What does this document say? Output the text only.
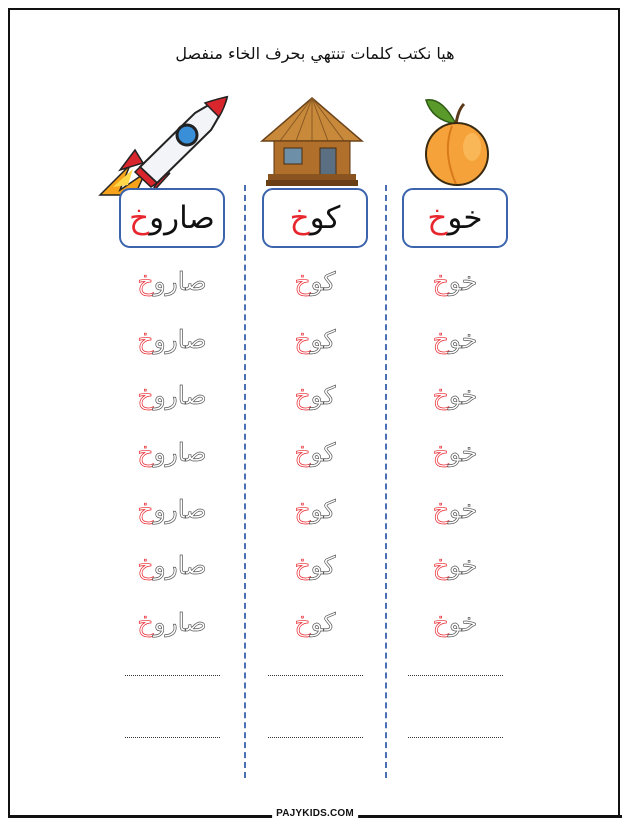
PAJYKIDS.COM
هيا نكتب كلمات تنتهي بحرف الخاء منفصل
صارو
خ
صاروخ
صاروخ
صاروخ
صاروخ
صاروخ
صاروخ
صاروخ
كو
خ
كوخ
كوخ
كوخ
كوخ
كوخ
كوخ
كوخ
خو
خ
خوخ
خوخ
خوخ
خوخ
خوخ
خوخ
خوخ
